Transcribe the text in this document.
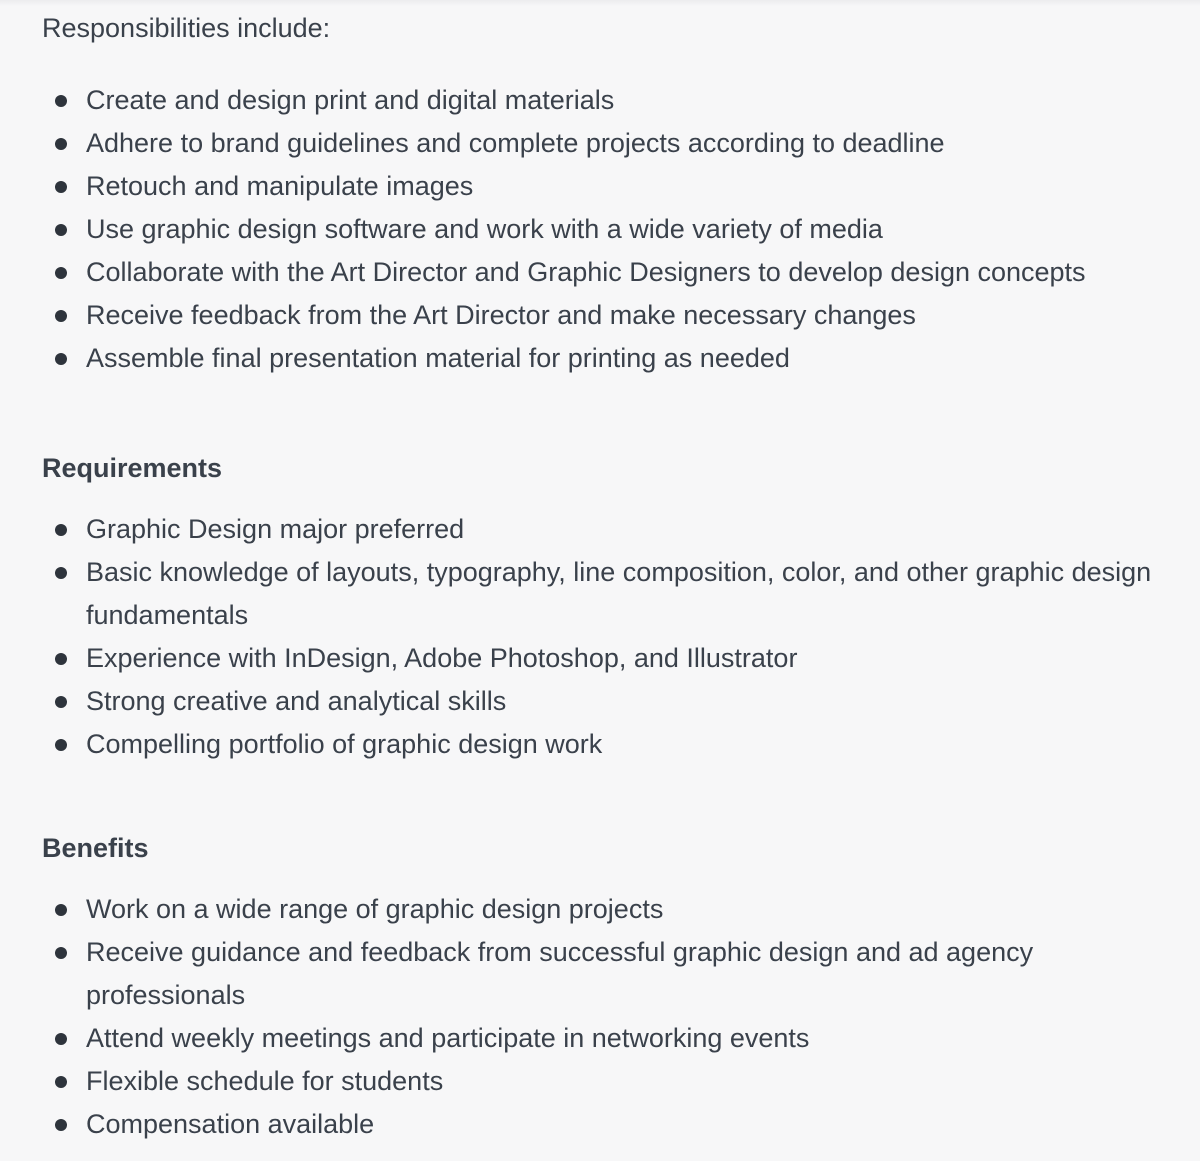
Responsibilities include:

Create and design print and digital materials
Adhere to brand guidelines and complete projects according to deadline
Retouch and manipulate images
Use graphic design software and work with a wide variety of media
Collaborate with the Art Director and Graphic Designers to develop design concepts
Receive feedback from the Art Director and make necessary changes
Assemble final presentation material for printing as needed
Requirements
Graphic Design major preferred
Basic knowledge of layouts, typography, line composition, color, and other graphic design fundamentals
Experience with InDesign, Adobe Photoshop, and Illustrator
Strong creative and analytical skills
Compelling portfolio of graphic design work
Benefits
Work on a wide range of graphic design projects
Receive guidance and feedback from successful graphic design and ad agency professionals
Attend weekly meetings and participate in networking events
Flexible schedule for students
Compensation available
